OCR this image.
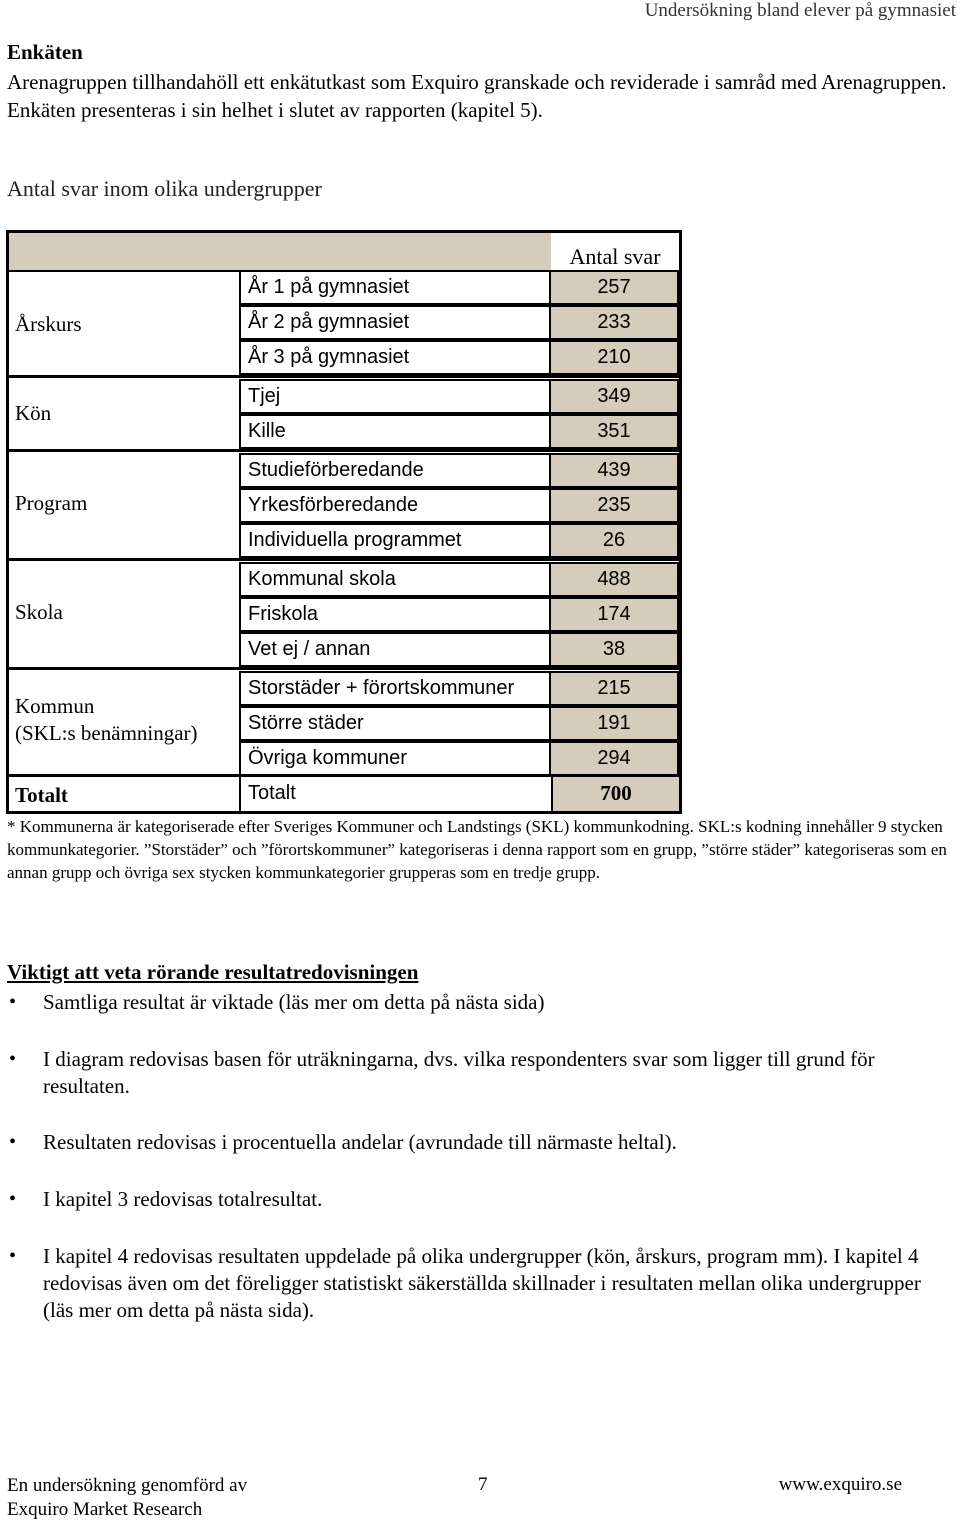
Undersökning bland elever på gymnasiet
Enkäten
Arenagruppen tillhandahöll ett enkätutkast som Exquiro granskade och reviderade i samråd med Arenagruppen. Enkäten presenteras i sin helhet i slutet av rapporten (kapitel 5).
Antal svar inom olika undergrupper
Antal svar
Årskurs
År 1 på gymnasiet	257
År 2 på gymnasiet	233
År 3 på gymnasiet	210
Kön
Tjej	349
Kille	351
Program
Studieförberedande	439
Yrkesförberedande	235
Individuella programmet	26
Skola
Kommunal skola	488
Friskola	174
Vet ej / annan	38
Kommun
(SKL:s benämningar)
Storstäder + förortskommuner	215
Större städer	191
Övriga kommuner	294
Totalt	Totalt	700
* Kommunerna är kategoriserade efter Sveriges Kommuner och Landstings (SKL) kommunkodning. SKL:s kodning innehåller 9 stycken kommunkategorier. ”Storstäder” och ”förortskommuner” kategoriseras i denna rapport som en grupp, ”större städer” kategoriseras som en annan grupp och övriga sex stycken kommunkategorier grupperas som en tredje grupp.
Viktigt att veta rörande resultatredovisningen
•	Samtliga resultat är viktade (läs mer om detta på nästa sida)
•	I diagram redovisas basen för uträkningarna, dvs. vilka respondenters svar som ligger till grund för resultaten.
•	Resultaten redovisas i procentuella andelar (avrundade till närmaste heltal).
•	I kapitel 3 redovisas totalresultat.
•	I kapitel 4 redovisas resultaten uppdelade på olika undergrupper (kön, årskurs, program mm). I kapitel 4 redovisas även om det föreligger statistiskt säkerställda skillnader i resultaten mellan olika undergrupper (läs mer om detta på nästa sida).
En undersökning genomförd av
Exquiro Market Research
7	www.exquiro.se
